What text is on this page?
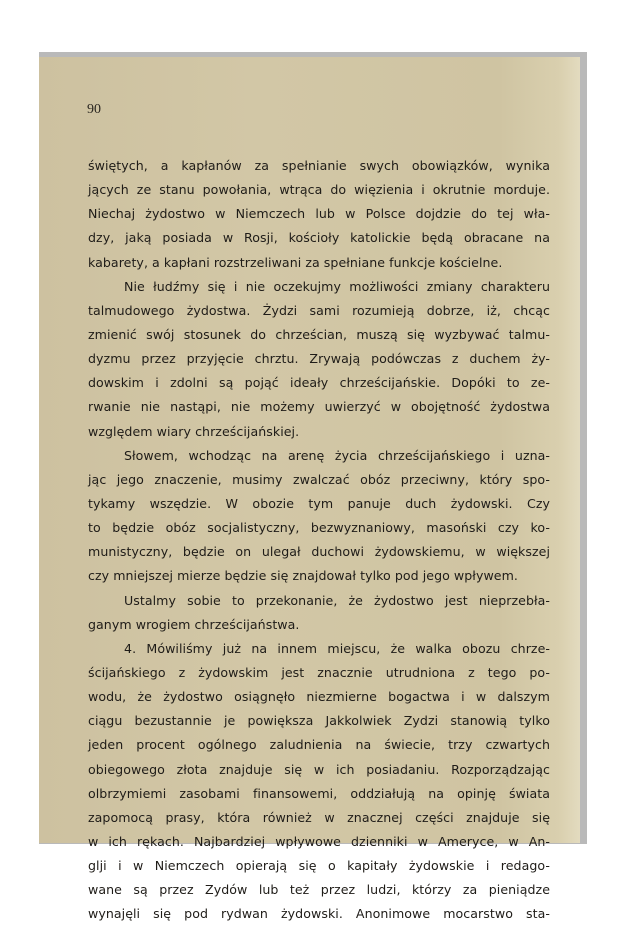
90
świętych, a kapłanów za spełnianie swych obowiązków, wynika
jących ze stanu powołania, wtrąca do więzienia i okrutnie morduje.
Niechaj żydostwo w Niemczech lub w Polsce dojdzie do tej wła-
dzy, jaką posiada w Rosji, kościoły katolickie będą obracane na
kabarety, a kapłani rozstrzeliwani za spełniane funkcje kościelne.
Nie łudźmy się i nie oczekujmy możliwości zmiany charakteru
talmudowego żydostwa. Żydzi sami rozumieją dobrze, iż, chcąc
zmienić swój stosunek do chrześcian, muszą się wyzbywać talmu-
dyzmu przez przyjęcie chrztu. Zrywają podówczas z duchem ży-
dowskim i zdolni są pojąć ideały chrześcijańskie. Dopóki to ze-
rwanie nie nastąpi, nie możemy uwierzyć w obojętność żydostwa
względem wiary chrześcijańskiej.
Słowem, wchodząc na arenę życia chrześcijańskiego i uzna-
jąc jego znaczenie, musimy zwalczać obóz przeciwny, który spo-
tykamy wszędzie. W obozie tym panuje duch żydowski. Czy
to będzie obóz socjalistyczny, bezwyznaniowy, masoński czy ko-
munistyczny, będzie on ulegał duchowi żydowskiemu, w większej
czy mniejszej mierze będzie się znajdował tylko pod jego wpływem.
Ustalmy sobie to przekonanie, że żydostwo jest nieprzebła-
ganym wrogiem chrześcijaństwa.
4. Mówiliśmy już na innem miejscu, że walka obozu chrze-
ścijańskiego z żydowskim jest znacznie utrudniona z tego po-
wodu, że żydostwo osiągnęło niezmierne bogactwa i w dalszym
ciągu bezustannie je powiększa Jakkolwiek Zydzi stanowią tylko
jeden procent ogólnego zaludnienia na świecie, trzy czwartych
obiegowego złota znajduje się w ich posiadaniu. Rozporządzając
olbrzymiemi zasobami finansowemi, oddziałują na opinję świata
zapomocą prasy, która również w znacznej części znajduje się
w ich rękach. Najbardziej wpływowe dzienniki w Ameryce, w An-
glji i w Niemczech opierają się o kapitały żydowskie i redago-
wane są przez Zydów lub też przez ludzi, którzy za pieniądze
wynajęli się pod rydwan żydowski. Anonimowe mocarstwo sta-
